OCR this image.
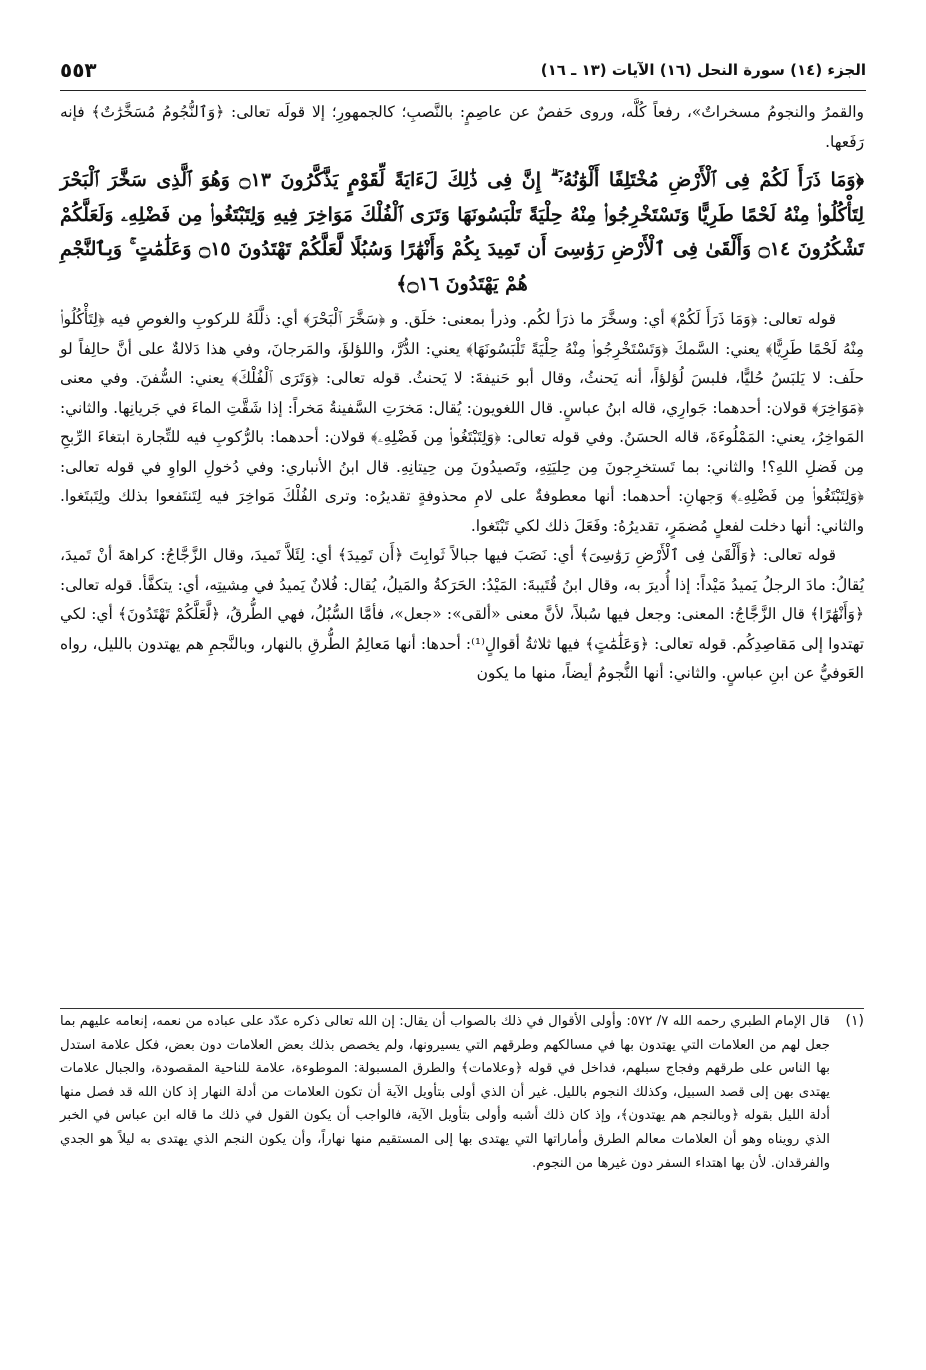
الجزء (١٤) سورة النحل (١٦) الآيات (١٣ ـ ١٦)
٥٥٣

والقمرُ والنجومُ مسخراتٌ»، رفعاً كُلَّه، وروى حَفصٌ عن عاصِمٍ: بالنَّصبِ؛ كالجمهورِ؛ إلا قولَه تعالى: ﴿وَٱلنُّجُومُ مُسَخَّرَٰتٌ﴾ فإنه رَفَعها.

﴿وَمَا ذَرَأَ لَكُمْ فِى ٱلْأَرْضِ مُخْتَلِفًا أَلْوَٰنُهُۥٓ ۗ إِنَّ فِى ذَٰلِكَ لَءَايَةً لِّقَوْمٍ يَذَّكَّرُونَ ۝١٣ وَهُوَ ٱلَّذِى سَخَّرَ ٱلْبَحْرَ لِتَأْكُلُوا۟ مِنْهُ لَحْمًا طَرِيًّا وَتَسْتَخْرِجُوا۟ مِنْهُ حِلْيَةً تَلْبَسُونَهَا وَتَرَى ٱلْفُلْكَ مَوَاخِرَ فِيهِ وَلِتَبْتَغُوا۟ مِن فَضْلِهِۦ وَلَعَلَّكُمْ تَشْكُرُونَ ۝١٤ وَأَلْقَىٰ فِى ٱلْأَرْضِ رَوَٰسِىَ أَن تَمِيدَ بِكُمْ وَأَنْهَٰرًا وَسُبُلًا لَّعَلَّكُمْ تَهْتَدُونَ ۝١٥ وَعَلَٰمَٰتٍ ۚ وَبِٱلنَّجْمِ هُمْ يَهْتَدُونَ ۝١٦﴾

قوله تعالى: ﴿وَمَا ذَرَأَ لَكُمْ﴾ أي: وسخَّرَ ما ذرَأ لكُم. وذرأ بمعنى: خلَق. و ﴿سَخَّرَ ٱلْبَحْرَ﴾ أي: ذلَّلَهُ للركوبِ والغوصِ فيه ﴿لِتَأْكُلُوا۟ مِنْهُ لَحْمًا طَرِيًّا﴾ يعني: السَّمكَ ﴿وَتَسْتَخْرِجُوا۟ مِنْهُ حِلْيَةً تَلْبَسُونَهَا﴾ يعني: الدُّرَّ، واللؤلؤَ، والمَرجانَ، وفي هذا دَلالةٌ على أنَّ حالِفاً لو حلَف: لا يَلبَسُ حُليًّا، فلبسَ لُؤلؤاً، أنه يَحنثُ، وقال أبو حَنيفةَ: لا يَحنثُ. قوله تعالى: ﴿وَتَرَى ٱلْفُلْكَ﴾ يعني: السُّفنَ. وفي معنى ﴿مَوَاخِرَ﴾ قولان: أحدهما: جَوارِي، قاله ابنُ عباسٍ. قال اللغويون: يُقال: مَخرَتِ السَّفينةُ مَخراً: إذا شَقَّتِ الماءَ في جَريانِها. والثاني: المَواخِرُ، يعني: المَمْلُوءَةَ، قاله الحسَنُ. وفي قوله تعالى: ﴿وَلِتَبْتَغُوا۟ مِن فَضْلِهِۦ﴾ قولان: أحدهما: بالرُّكوبِ فيه للتِّجارة ابتغاءَ الرِّبحِ مِن فَضلِ اللهِ؟! والثاني: بما تَستخرِجونَ مِن حِليَتِهِ، وتَصيدُونَ مِن حِيتانِهِ. قال ابنُ الأنباري: وفي دُخولِ الواوِ في قوله تعالى: ﴿وَلِتَبْتَغُوا۟ مِن فَضْلِهِۦ﴾ وَجهانِ: أحدهما: أنها معطوفةٌ على لامِ محذوفةٍ تقديرُه: وترى الفُلْكَ مَواخِرَ فيه لِتَنتَفعوا بذلك ولِتَبتَغوا. والثاني: أنها دخلت لفعلٍ مُضمَرٍ، تقديرُهُ: وفَعَلَ ذلك لكي تَبْتَغوا.

قوله تعالى: ﴿وَأَلْقَىٰ فِى ٱلْأَرْضِ رَوَٰسِىَ﴾ أي: نَصَبَ فيها جبالاً ثَوابِتَ ﴿أَن تَمِيدَ﴾ أي: لِئَلاَّ تَميدَ، وقال الزَّجَّاجُ: كراهةَ أنْ تَميدَ، يُقالُ: مادَ الرجلُ يَميدُ مَيْداً: إذا أُديرَ به، وقال ابنُ قُتَيبةَ: المَيْدُ: الحَرَكةُ والمَيلُ، يُقال: فُلانٌ يَميدُ في مِشيتِه، أي: يتكفَّأ. قوله تعالى: ﴿وَأَنْهَٰرًا﴾ قال الزَّجَّاجُ: المعنى: وجعل فيها سُبلاً، لأنَّ معنى «ألقى»: «جعل»، فأمَّا السُّبُلُ، فهي الطُّرقُ، ﴿لَّعَلَّكُمْ تَهْتَدُونَ﴾ أي: لكي تهتدوا إلى مَقاصِدِكُم. قوله تعالى: ﴿وَعَلَٰمَٰتٍ﴾ فيها ثلاثةُ أقوالٍ⁽¹⁾: أحدها: أنها مَعالِمُ الطُّرقِ بالنهار، وبالنَّجمِ هم يهتدون بالليل، رواه العَوفيُّ عن ابنِ عباسٍ. والثاني: أنها النُّجومُ أيضاً، منها ما يكون

(١)
قال الإمام الطبري رحمه الله ٧/ ٥٧٢: وأولى الأقوال في ذلك بالصواب أن يقال: إن الله تعالى ذكره عدّد على عباده من نعمه، إنعامه عليهم بما جعل لهم من العلامات التي يهتدون بها في مسالكهم وطرقهم التي يسيرونها، ولم يخصص بذلك بعض العلامات دون بعض، فكل علامة استدل بها الناس على طرقهم وفجاج سبلهم، فداخل في قوله ﴿وعلامات﴾ والطرق المسبولة: الموطوءة، علامة للناحية المقصودة، والجبال علامات يهتدى بهن إلى قصد السبيل، وكذلك النجوم بالليل. غير أن الذي أولى بتأويل الآية أن تكون العلامات من أدلة النهار إذ كان الله قد فصل منها أدلة الليل بقوله ﴿وبالنجم هم يهتدون﴾، وإذ كان ذلك أشبه وأولى بتأويل الآية، فالواجب أن يكون القول في ذلك ما قاله ابن عباس في الخبر الذي رويناه وهو أن العلامات معالم الطرق وأماراتها التي يهتدى بها إلى المستقيم منها نهاراً، وأن يكون النجم الذي يهتدى به ليلاً هو الجدي والفرقدان. لأن بها اهتداء السفر دون غيرها من النجوم.
